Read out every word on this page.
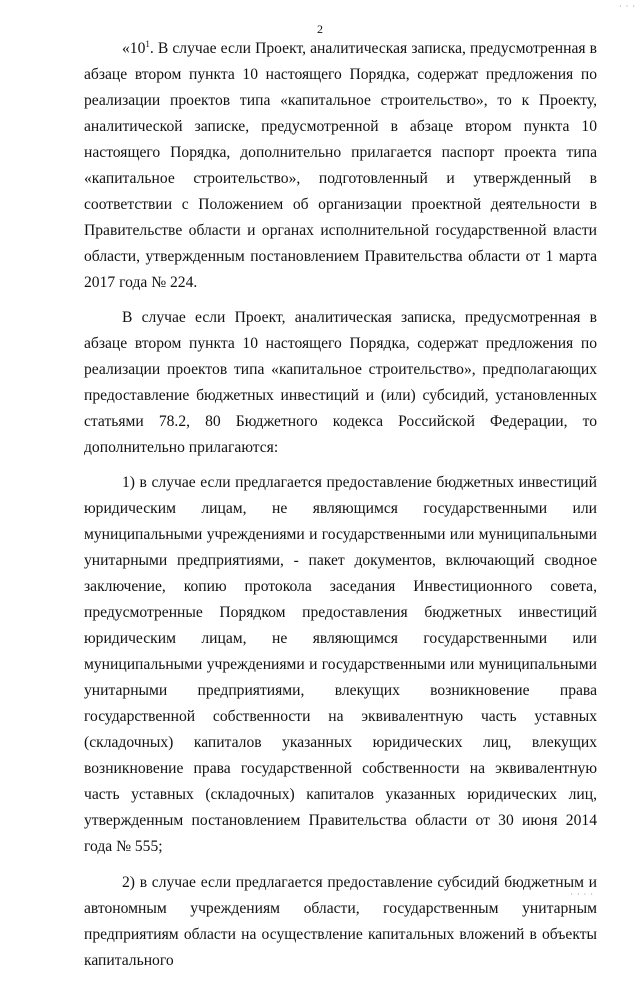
· · ·
2

«$10^1$. В случае если Проект, аналитическая записка, предусмотренная в абзаце втором пункта 10 настоящего Порядка, содержат предложения по реализации проектов типа «капитальное строительство», то к Проекту, аналитической записке, предусмотренной в абзаце втором пункта 10 настоящего Порядка, дополнительно прилагается паспорт проекта типа «капитальное строительство», подготовленный и утвержденный в соответствии с Положением об организации проектной деятельности в Правительстве области и органах исполнительной государственной власти области, утвержденным постановлением Правительства области от 1 марта 2017 года № 224.

В случае если Проект, аналитическая записка, предусмотренная в абзаце втором пункта 10 настоящего Порядка, содержат предложения по реализации проектов типа «капитальное строительство», предполагающих предоставление бюджетных инвестиций и (или) субсидий, установленных статьями 78.2, 80 Бюджетного кодекса Российской Федерации, то дополнительно прилагаются:

1) в случае если предлагается предоставление бюджетных инвестиций юридическим лицам, не являющимся государственными или муниципальными учреждениями и государственными или муниципальными унитарными предприятиями, - пакет документов, включающий сводное заключение, копию протокола заседания Инвестиционного совета, предусмотренные Порядком предоставления бюджетных инвестиций юридическим лицам, не являющимся государственными или муниципальными учреждениями и государственными или муниципальными унитарными предприятиями, влекущих возникновение права государственной собственности на эквивалентную часть уставных (складочных) капиталов указанных юридических лиц, влекущих возникновение права государственной собственности на эквивалентную часть уставных (складочных) капиталов указанных юридических лиц, утвержденным постановлением Правительства области от 30 июня 2014 года № 555;

2) в случае если предлагается предоставление субсидий бюджетным и автономным учреждениям области, государственным унитарным предприятиям области на осуществление капитальных вложений в объекты капитального

· · · ·
